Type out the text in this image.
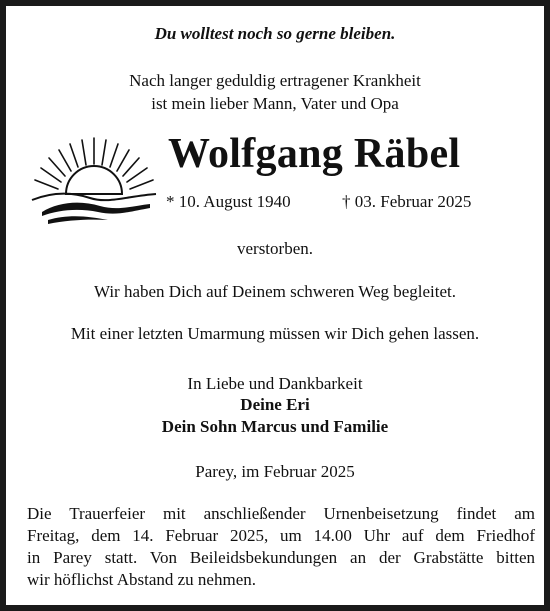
Du wolltest noch so gerne bleiben.
Nach langer geduldig ertragener Krankheit
ist mein lieber Mann, Vater und Opa
Wolfgang Räbel
* 10. August 1940	† 03. Februar 2025
verstorben.
Wir haben Dich auf Deinem schweren Weg begleitet.
Mit einer letzten Umarmung müssen wir Dich gehen lassen.
In Liebe und Dankbarkeit
Deine Eri
Dein Sohn Marcus und Familie
Parey, im Februar 2025
Die Trauerfeier mit anschließender Urnenbeisetzung findet am
Freitag, dem 14. Februar 2025, um 14.00 Uhr auf dem Friedhof
in Parey statt. Von Beileidsbekundungen an der Grabstätte bitten
wir höflichst Abstand zu nehmen.
